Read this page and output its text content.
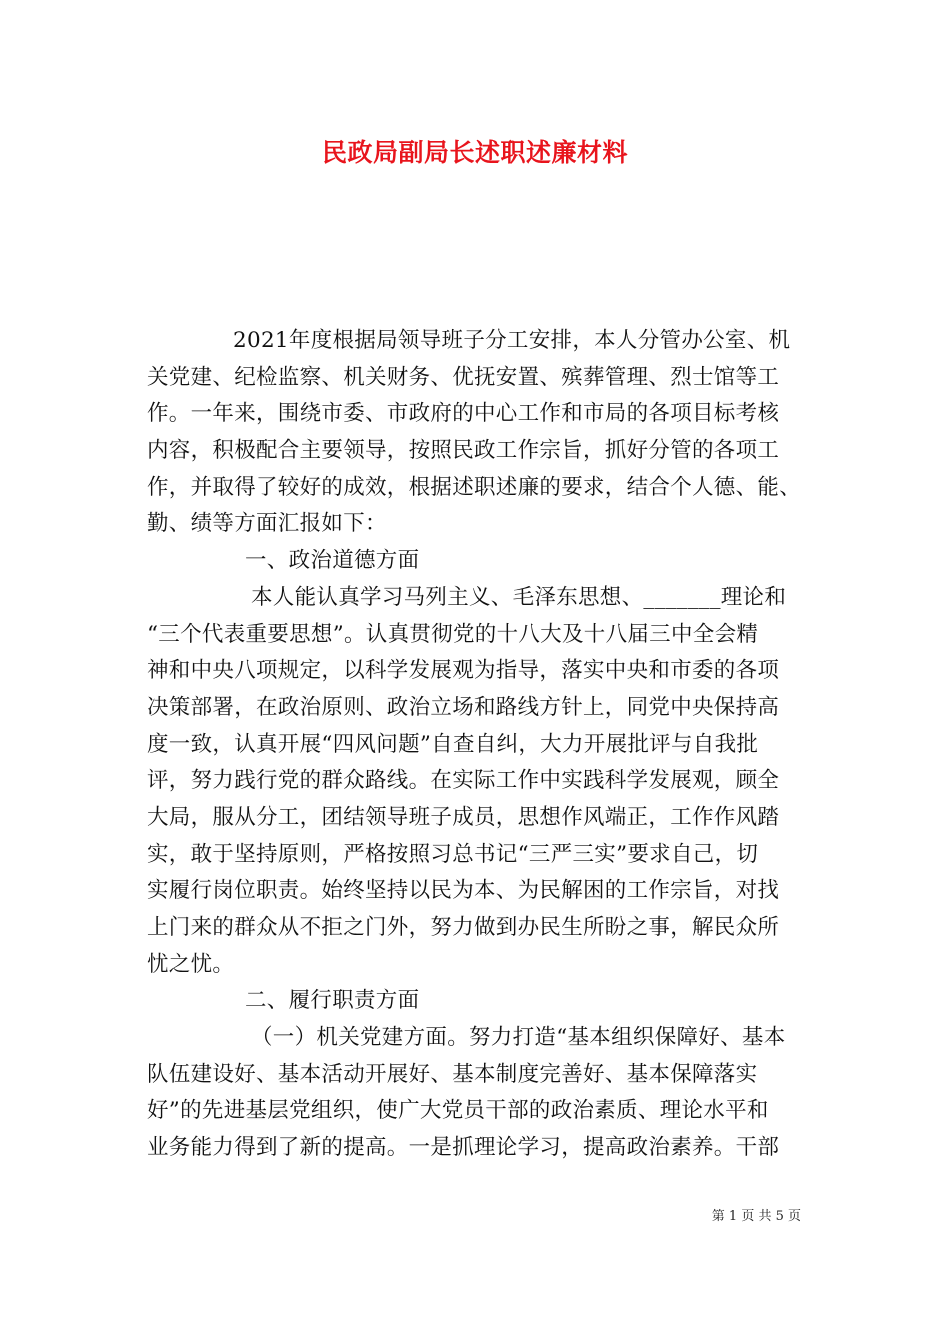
民政局副局长述职述廉材料
2021年度根据局领导班子分工安排，本人分管办公室、机
关党建、纪检监察、机关财务、优抚安置、殡葬管理、烈士馆等工
作。一年来，围绕市委、市政府的中心工作和市局的各项目标考核
内容，积极配合主要领导，按照民政工作宗旨，抓好分管的各项工
作，并取得了较好的成效，根据述职述廉的要求，结合个人德、能、
勤、绩等方面汇报如下：
一、政治道德方面
本人能认真学习马列主义、毛泽东思想、_______理论和
“三个代表重要思想”。认真贯彻党的十八大及十八届三中全会精
神和中央八项规定，以科学发展观为指导，落实中央和市委的各项
决策部署，在政治原则、政治立场和路线方针上，同党中央保持高
度一致，认真开展“四风问题”自查自纠，大力开展批评与自我批
评，努力践行党的群众路线。在实际工作中实践科学发展观，顾全
大局，服从分工，团结领导班子成员，思想作风端正，工作作风踏
实，敢于坚持原则，严格按照习总书记“三严三实”要求自己，切
实履行岗位职责。始终坚持以民为本、为民解困的工作宗旨，对找
上门来的群众从不拒之门外，努力做到办民生所盼之事，解民众所
忧之忧。
二、履行职责方面
（一）机关党建方面。努力打造“基本组织保障好、基本
队伍建设好、基本活动开展好、基本制度完善好、基本保障落实
好”的先进基层党组织，使广大党员干部的政治素质、理论水平和
业务能力得到了新的提高。一是抓理论学习，提高政治素养。干部
第 1 页 共 5 页
